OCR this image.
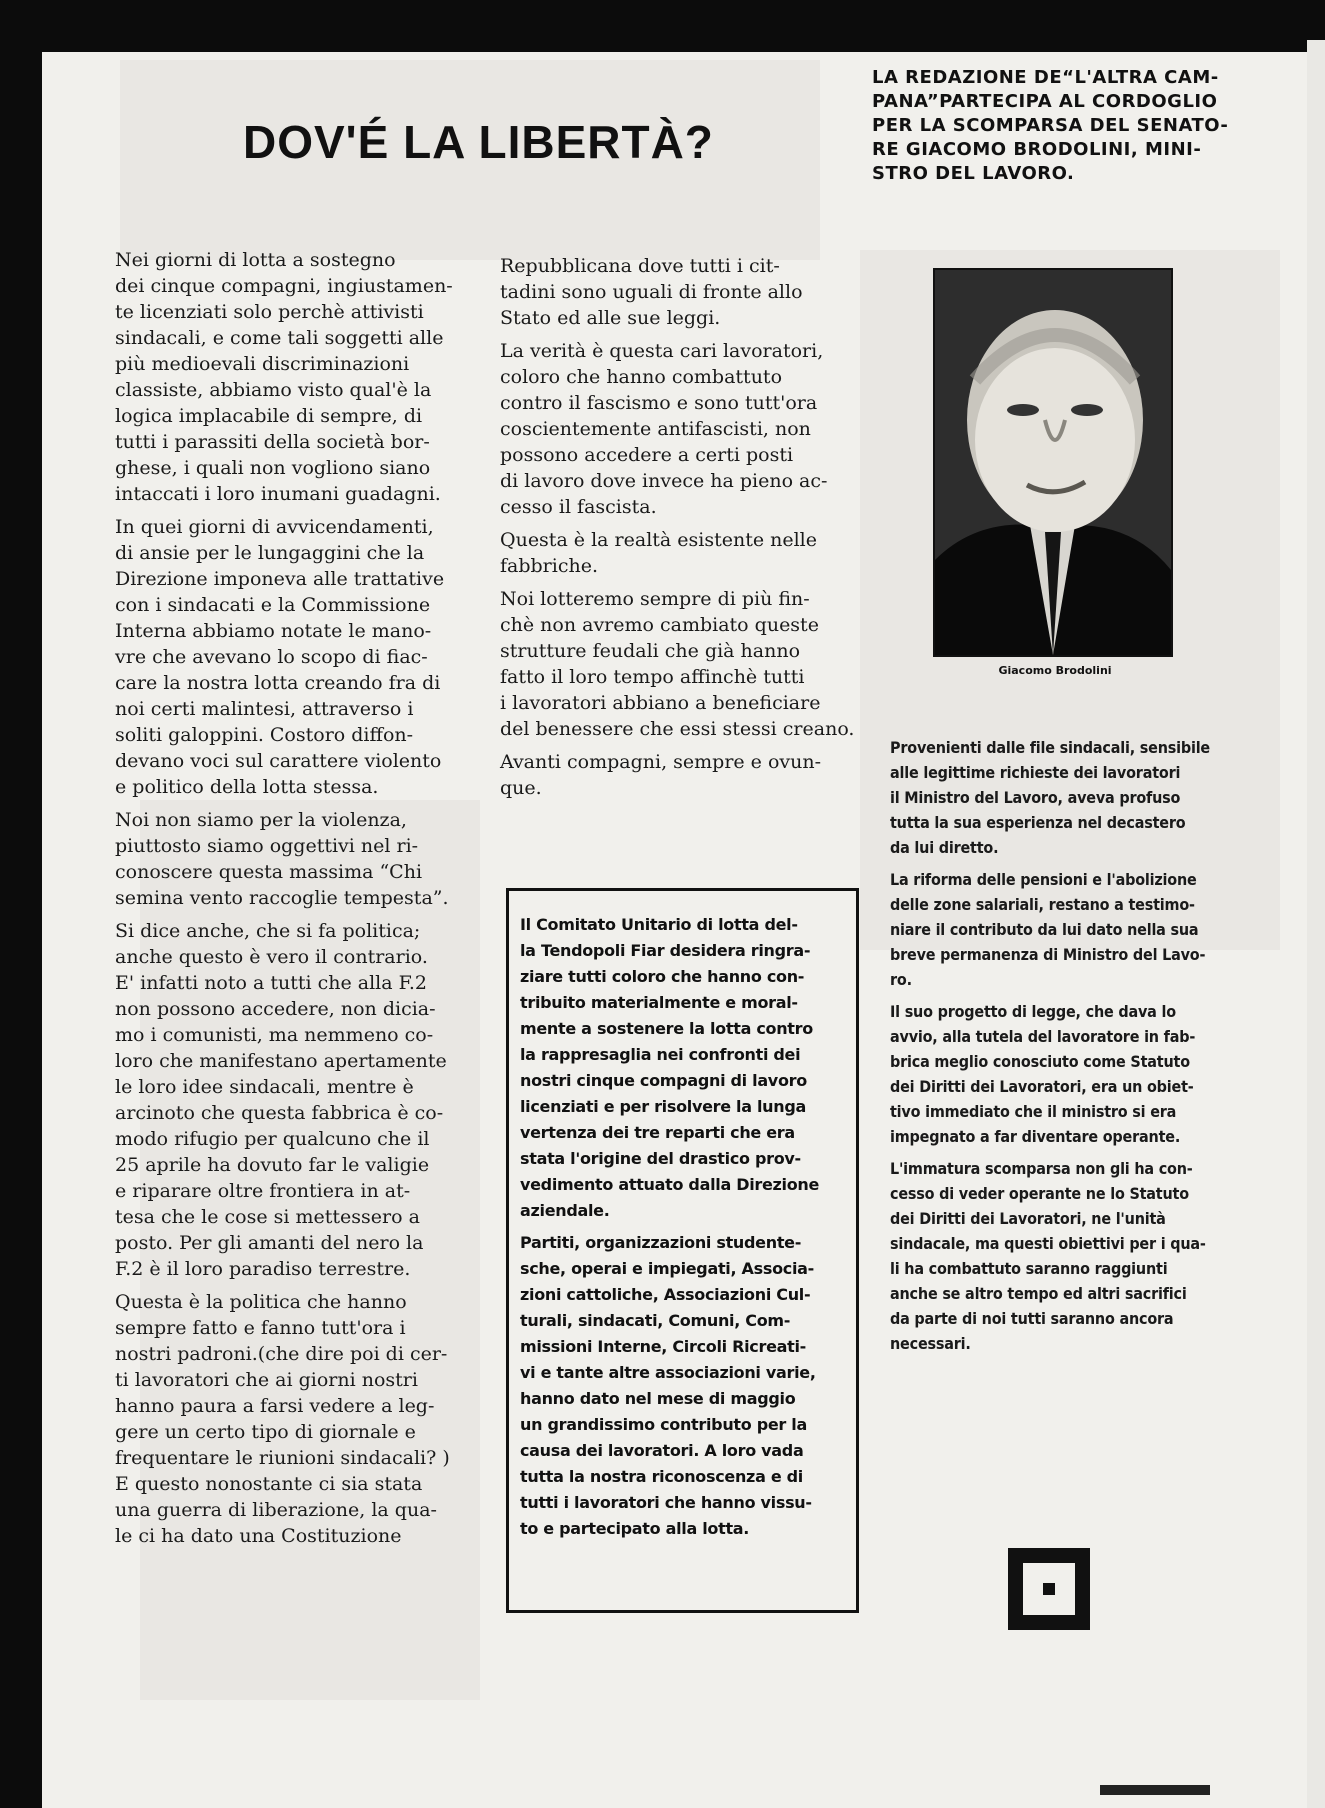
LA REDAZIONE DE“L'ALTRA CAM-

PANA”PARTECIPA AL CORDOGLIO

PER LA SCOMPARSA DEL SENATO-

RE GIACOMO BRODOLINI, MINI-

STRO DEL LAVORO.

DOV'É LA LIBERTÀ?

Nei giorni di lotta a sostegno
dei cinque compagni, ingiustamen-
te licenziati solo perchè attivisti
sindacali, e come tali soggetti alle
più medioevali discriminazioni
classiste, abbiamo visto qual'è la
logica implacabile di sempre, di
tutti i parassiti della società bor-
ghese, i quali non vogliono siano
intaccati i loro inumani guadagni.

In quei giorni di avvicendamenti,
di ansie per le lungaggini che la
Direzione imponeva alle trattative
con i sindacati e la Commissione
Interna abbiamo notate le mano-
vre che avevano lo scopo di fiac-
care la nostra lotta creando fra di
noi certi malintesi, attraverso i
soliti galoppini. Costoro diffon-
devano voci sul carattere violento
e politico della lotta stessa.

Noi non siamo per la violenza,
piuttosto siamo oggettivi nel ri-
conoscere questa massima “Chi
semina vento raccoglie tempesta”.

Si dice anche, che si fa politica;
anche questo è vero il contrario.
E' infatti noto a tutti che alla F.2
non possono accedere, non dicia-
mo i comunisti, ma nemmeno co-
loro che manifestano apertamente
le loro idee sindacali, mentre è
arcinoto che questa fabbrica è co-
modo rifugio per qualcuno che il
25 aprile ha dovuto far le valigie
e riparare oltre frontiera in at-
tesa che le cose si mettessero a
posto. Per gli amanti del nero la
F.2 è il loro paradiso terrestre.

Questa è la politica che hanno
sempre fatto e fanno tutt'ora i
nostri padroni.(che dire poi di cer-
ti lavoratori che ai giorni nostri
hanno paura a farsi vedere a leg-
gere un certo tipo di giornale e
frequentare le riunioni sindacali? )
E questo nonostante ci sia stata
una guerra di liberazione, la qua-
le ci ha dato una Costituzione

Repubblicana dove tutti i cit-
tadini sono uguali di fronte allo
Stato ed alle sue leggi.

La verità è questa cari lavoratori,
coloro che hanno combattuto
contro il fascismo e sono tutt'ora
coscientemente antifascisti, non
possono accedere a certi posti
di lavoro dove invece ha pieno ac-
cesso il fascista.

Questa è la realtà esistente nelle
fabbriche.

Noi lotteremo sempre di più fin-
chè non avremo cambiato queste
strutture feudali che già hanno
fatto il loro tempo affinchè tutti
i lavoratori abbiano a beneficiare
del benessere che essi stessi creano.

Avanti compagni, sempre e ovun-
que.

Giacomo Brodolini

Il Comitato Unitario di lotta del-
la Tendopoli Fiar desidera ringra-
ziare tutti coloro che hanno con-
tribuito materialmente e moral-
mente a sostenere la lotta contro
la rappresaglia nei confronti dei
nostri cinque compagni di lavoro
licenziati e per risolvere la lunga
vertenza dei tre reparti che era
stata l'origine del drastico prov-
vedimento attuato dalla Direzione
aziendale.

Partiti, organizzazioni studente-
sche, operai e impiegati, Associa-
zioni cattoliche, Associazioni Cul-
turali, sindacati, Comuni, Com-
missioni Interne, Circoli Ricreati-
vi e tante altre associazioni varie,
hanno dato nel mese di maggio
un grandissimo contributo per la
causa dei lavoratori. A loro vada
tutta la nostra riconoscenza e di
tutti i lavoratori che hanno vissu-
to e partecipato alla lotta.

Provenienti dalle file sindacali, sensibile
alle legittime richieste dei lavoratori
il Ministro del Lavoro, aveva profuso
tutta la sua esperienza nel decastero
da lui diretto.

La riforma delle pensioni e l'abolizione
delle zone salariali, restano a testimo-
niare il contributo da lui dato nella sua
breve permanenza di Ministro del Lavo-
ro.

Il suo progetto di legge, che dava lo
avvio, alla tutela del lavoratore in fab-
brica meglio conosciuto come Statuto
dei Diritti dei Lavoratori, era un obiet-
tivo immediato che il ministro si era
impegnato a far diventare operante.

L'immatura scomparsa non gli ha con-
cesso di veder operante ne lo Statuto
dei Diritti dei Lavoratori, ne l'unità
sindacale, ma questi obiettivi per i qua-
li ha combattuto saranno raggiunti
anche se altro tempo ed altri sacrifici
da parte di noi tutti saranno ancora
necessari.
